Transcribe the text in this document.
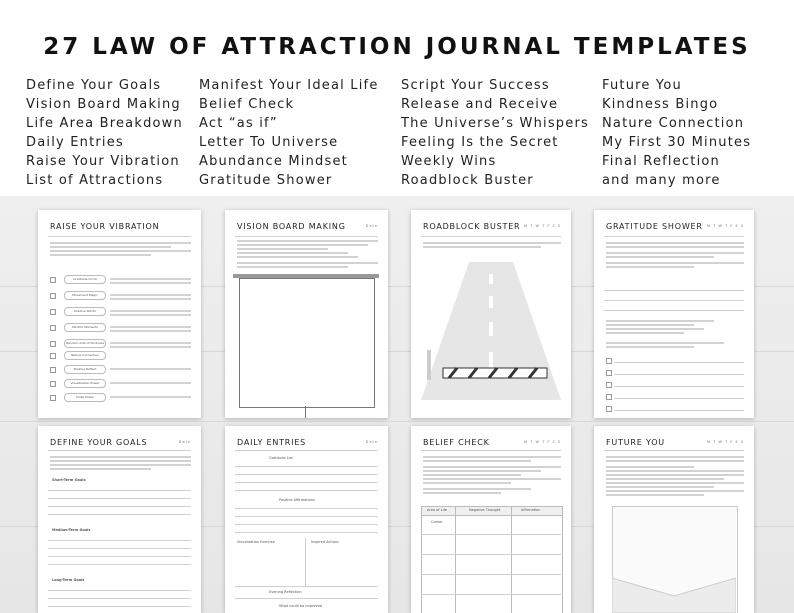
27 LAW OF ATTRACTION JOURNAL TEMPLATES
Define Your Goals
Vision Board Making
Life Area Breakdown
Daily Entries
Raise Your Vibration
List of Attractions
Manifest Your Ideal Life
Belief Check
Act “as if”
Letter To Universe
Abundance Mindset
Gratitude Shower
Script Your Success
Release and Receive
The Universe’s Whispers
Feeling Is the Secret
Weekly Wins
Roadblock Buster
Future You
Kindness Bingo
Nature Connection
My First 30 Minutes
Final Reflection
and many more
RAISE YOUR VIBRATION
Gratitude Circle
Movement Magic
Positive Words
Mindful Moments
Random Acts of Kindness
Nature Connection
Positive Reflect
Visualization Power
Smile Power
VISION BOARD MAKING	Date	ROADBLOCK BUSTER M T W T F S S	GRATITUDE SHOWER M T W T F S S
DEFINE YOUR GOALS	Date
Short-Term Goals
Medium-Term Goals
Long-Term Goals
DAILY ENTRIES	Date
Gratitude List
Positive Affirmations
Visualization Exercise	Inspired Actions
Evening Reflection
What could be improved
BELIEF CHECK	M T W T F S S
Area of Life	Negative Thought	Affirmation
Career
FUTURE YOU	M T W T F S S
